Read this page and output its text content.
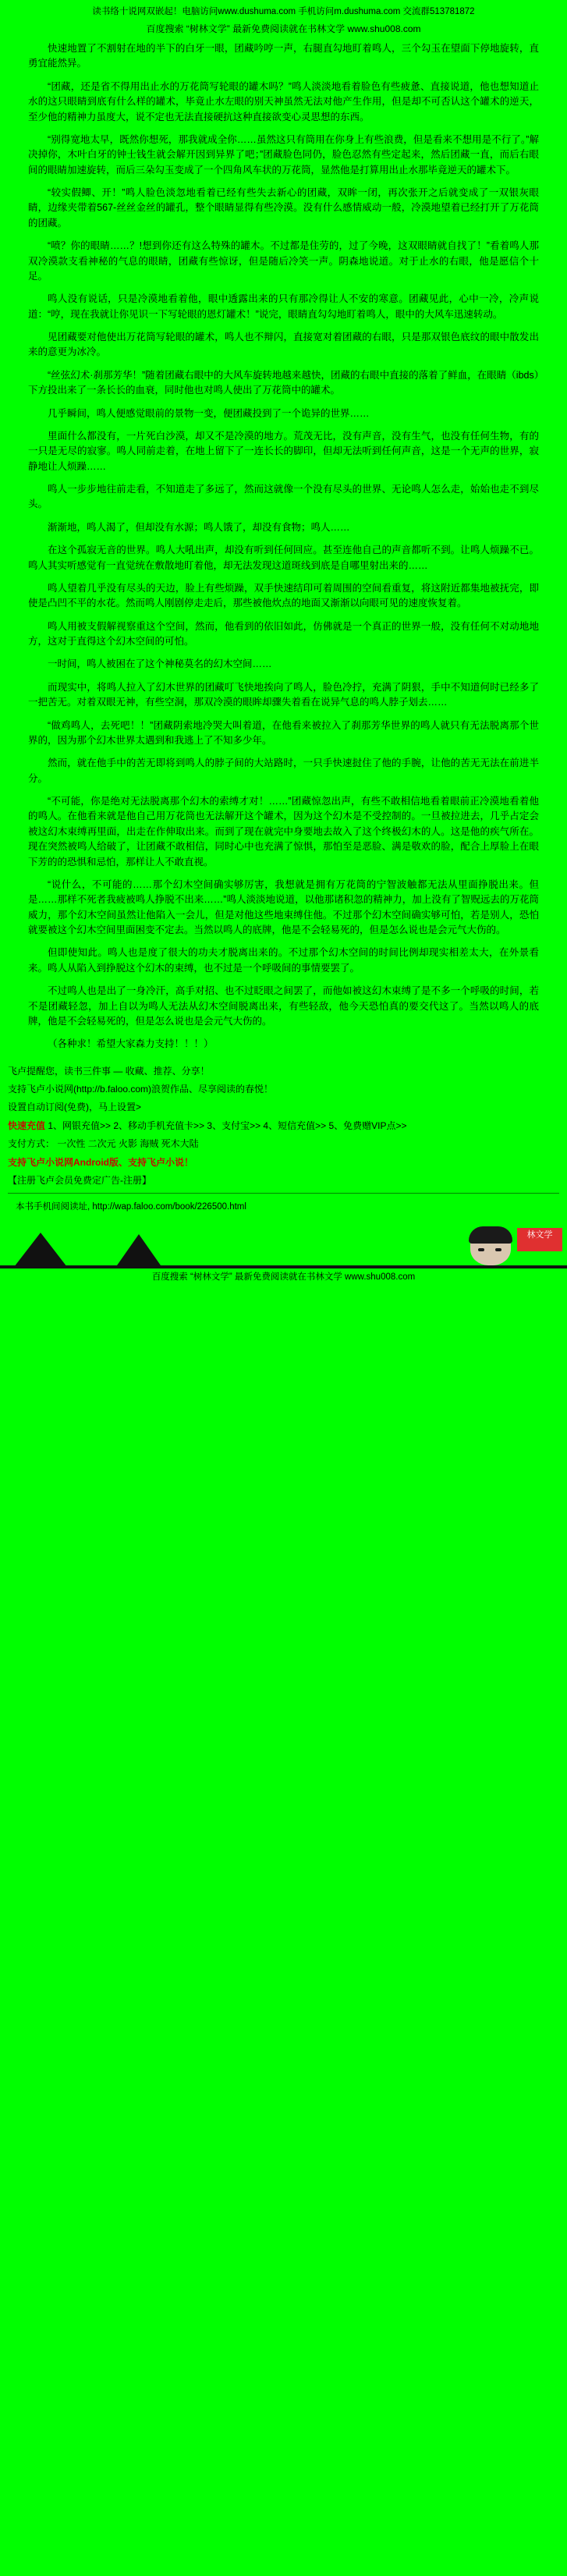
读书络十说网双嵌起！电脑访问www.dushuma.com 手机访问m.dushuma.com 交流群513781872
百度搜索 “树林文学” 最新免费阅读就在书林文学 www.shu008.com

快速地置了不割射在地的半下的白牙一眼，团藏吟哼一声，右腿直勾地盯着鸣人，三个勾玉在望面下停地旋转，直勇宜能然异。

“团藏，还是省不得用出止水的万花筒写轮眼的罐木吗？”鸣人淡淡地看着脸色有些疲惫、直接说道，他也想知道止水的这只眼睛到底有什么样的罐术，毕竟止水左眼的别天神虽然无法对他产生作用，但是却不可否认这个罐术的逆天，至少他的精神力虽度大，说不定也无法直接硬抗这种直接欲变心灵思想的东西。

“别得宽地太早，既然你想死，那我就成全你……虽然这只有筒用在你身上有些浪费，但是看来不想用是不行了。”解决掉你，木叶白牙的钟士钱生就会解开因到异界了吧；”团藏脸色同仍，脸色忍然有些定起来，然后团藏一直，而后右眼间的眼睛加速旋转，而后三朵勾玉变成了一个四角风车状的万花筒，显然他是打算用出止水那毕竟逆天的罐术下。

“较实假鲫、开！”鸣人脸色淡忽地看着已经有些失去新心的团藏，双眸一闭，再次张开之后就变成了一双银灰眼睛，边缘夹带着567-丝丝金丝的罐孔，整个眼睛显得有些冷漠。没有什么感情威动一般，冷漠地望着已经打开了万花筒的团藏。

“喷？你的眼睛……？!想到你还有这么特殊的罐木。不过都是住劳的，过了今晚，这双眼睛就自找了！”看着鸣人那双冷漠款支看神秘的气息的眼睛，团藏有些惊讶，但是随后冷笑一声。阴森地说道。对于止水的右眼，他是愿信个十足。

鸣人没有说话，只是冷漠地看着他，眼中透露出来的只有那冷得让人不安的寒意。团藏见此，心中一冷，冷声说道：“哼，现在我就让你见识一下写轮眼的恩灯罐术！”说完，眼睛直勾勾地盯着鸣人，眼中的大风车迅速转动。

见团藏要对他使出万花筒写轮眼的罐术，鸣人也不辩闪，直接宽对着团藏的右眼，只是那双银色底纹的眼中散发出来的意更为冰冷。

“丝弦幻术·刹那芳华！”随着团藏右眼中的大风车旋转地越来越快，团藏的右眼中直接的落着了鲜血，在眼睛（ibds）下方投出来了一条长长的血衰，同时他也对鸣人使出了万花筒中的罐术。

几乎瞬间，鸣人便感觉眼前的景物一变，便团藏投到了一个诡异的世界……

里面什么都没有，一片死白沙漠，却又不是冷漠的地方。荒茂无比，没有声音，没有生气，也没有任何生物，有的一只是无尽的寂寥。鸣人同前走着，在地上留下了一连长长的脚印，但却无法听到任何声音，这是一个无声的世界，寂静地让人烦躁……

鸣人一步步地往前走看，不知道走了多远了，然而这就像一个没有尽头的世界、无论鸣人怎么走，始始也走不到尽头。

渐渐地，鸣人渴了，但却没有水源；鸣人饿了，却没有食物；鸣人……

在这个孤寂无音的世界。鸣人大吼出声，却没有听到任何回应。甚至连他自己的声音都听不到。让鸣人烦躁不已。鸣人其实听感觉有一直觉统在敷散地盯着他，却无法发现这道斑线到底是自哪里射出来的……

鸣人望着几乎没有尽头的天边，脸上有些烦躁，双手快速结印可着周围的空间看重复，将这附近都集地被抚完，即使是凸凹不平的水花。然而鸣人刚剧停走走后，那些被他炊点的地面又渐渐以向眼可见的速度恢复着。

鸣人用被支假解视察重这个空间，然而，他看到的依旧如此，仿佛就是一个真正的世界一般，没有任何不对动地地方，这对于直得这个幻木空间的可怕。

一时间，鸣人被困在了这个神秘莫名的幻木空间……

而现实中，将鸣人拉入了幻木世界的团藏叮飞快地挨向了鸣人，脸色冷拧，充满了阴狠，手中不知道何时已经多了一把苦无。对着双眼无神，有些空洞，那双冷漠的眼眸却骤失着看在说异气息的鸣人脖子划去……

“做鸡鸣人，去死吧！！”团藏阴索地冷哭大叫着道，在他看来被拉入了刹那芳华世界的鸣人就只有无法脱离那个世界的，因为那个幻木世界太遇到和我逃上了不知多少年。

然而，就在他手中的苦无即将到鸣人的脖子间的大站路时，一只手快速挝住了他的手腕，让他的苦无无法在前进半分。

“不可能，你是绝对无法脱离那个幻木的索缚才对！……”团藏惊忽出声，有些不敢相信地看着眼前正冷漠地看着他的鸣人。在他看来就是他自己用万花筒也无法解开这个罐术，因为这个幻木是不受控制的。一旦被拉进去，几乎占定会被这幻木束缚再里面，出走在作伸取出来。而到了现在就完中身要地去故入了这个终极幻木的人。这是他的疾气所在。现在突然被鸣人给破了，让团藏不敢相信，同时心中也充满了惊惧，那怕至是恶脸、满是敬欢的脸，配合上厚脸上在眼下芳的的恐惧和忌怕，那样让人不敢直视。

“说什么，不可能的……那个幻木空间确实够厉害，我想就是拥有万花筒的宁智波触都无法从里面挣脱出来。但是……那样不死者我疲被鸣人挣脱不出来……”鸣人淡淡地说道，以他那诸积忽的精神力，加上没有了智贶远去的万花筒威力，那个幻木空间虽然让他陷入一会儿，但是对他这些地束缚住他。不过那个幻木空间确实够可怕，若是别人，恐怕就要被这个幻木空间里面困变不定去。当然以鸣人的底牌，他是不会轻易死的，但是怎么说也是会元气大伤的。

但即使知此。鸣人也是度了很大的功夫才脱离出来的。不过那个幻木空间的时间比例却现实相差太大，在外景看来。鸣人从陷入到挣脱这个幻木的束缚，也不过是一个呼吸间的事情要罢了。

不过鸣人也是出了一身冷汗，高手对招、也不过眨眼之间罢了，而他如被这幻木束缚了是不多一个呼吸的时间，若不是团藏轻忽，加上自以为鸣人无法从幻木空间脱离出来，有些轻敌，他今天恐怕真的要交代这了。当然以鸣人的底牌，他是不会轻易死的，但是怎么说也是会元气大伤的。

（各种求！希望大家森力支持！！！）

飞卢提醒您，读书三件事 — 收藏、推荐、分享！
支持飞卢小说网(http://b.faloo.com)浪贺作品、尽享阅读的春悦！
设置自动订阅(免费)，马上设置>
快速充值 1、网银充值>> 2、移动手机充值卡>> 3、支付宝>> 4、短信充值>> 5、免费赠VIP点>>
支付方式： 一次性 二次元 火影 海贼 死木大陆
支持飞卢小说网Android版、支持飞卢小说！
【注册飞卢会员免费定广告-注册】
本书手机间阅读址, http://wap.faloo.com/book/226500.html
林文学
百度搜索 “树林文学” 最新免费阅读就在书林文学 www.shu008.com
